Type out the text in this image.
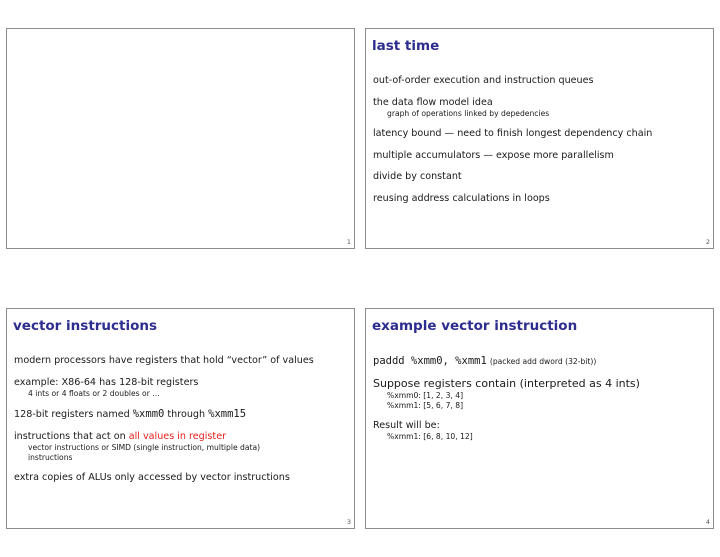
1
last time

out-of-order execution and instruction queues

the data flow model idea
graph of operations linked by depedencies

latency bound — need to finish longest dependency chain

multiple accumulators — expose more parallelism

divide by constant

reusing address calculations in loops

2
vector instructions

modern processors have registers that hold “vector” of values

example: X86-64 has 128-bit registers
4 ints or 4 floats or 2 doubles or …

128-bit registers named %xmm0 through %xmm15

instructions that act on all values in register
vector instructions or SIMD (single instruction, multiple data)
instructions

extra copies of ALUs only accessed by vector instructions

3
example vector instruction

paddd %xmm0, %xmm1 (packed add dword (32-bit))

Suppose registers contain (interpreted as 4 ints)
%xmm0: [1, 2, 3, 4]
%xmm1: [5, 6, 7, 8]

Result will be:
%xmm1: [6, 8, 10, 12]

4
